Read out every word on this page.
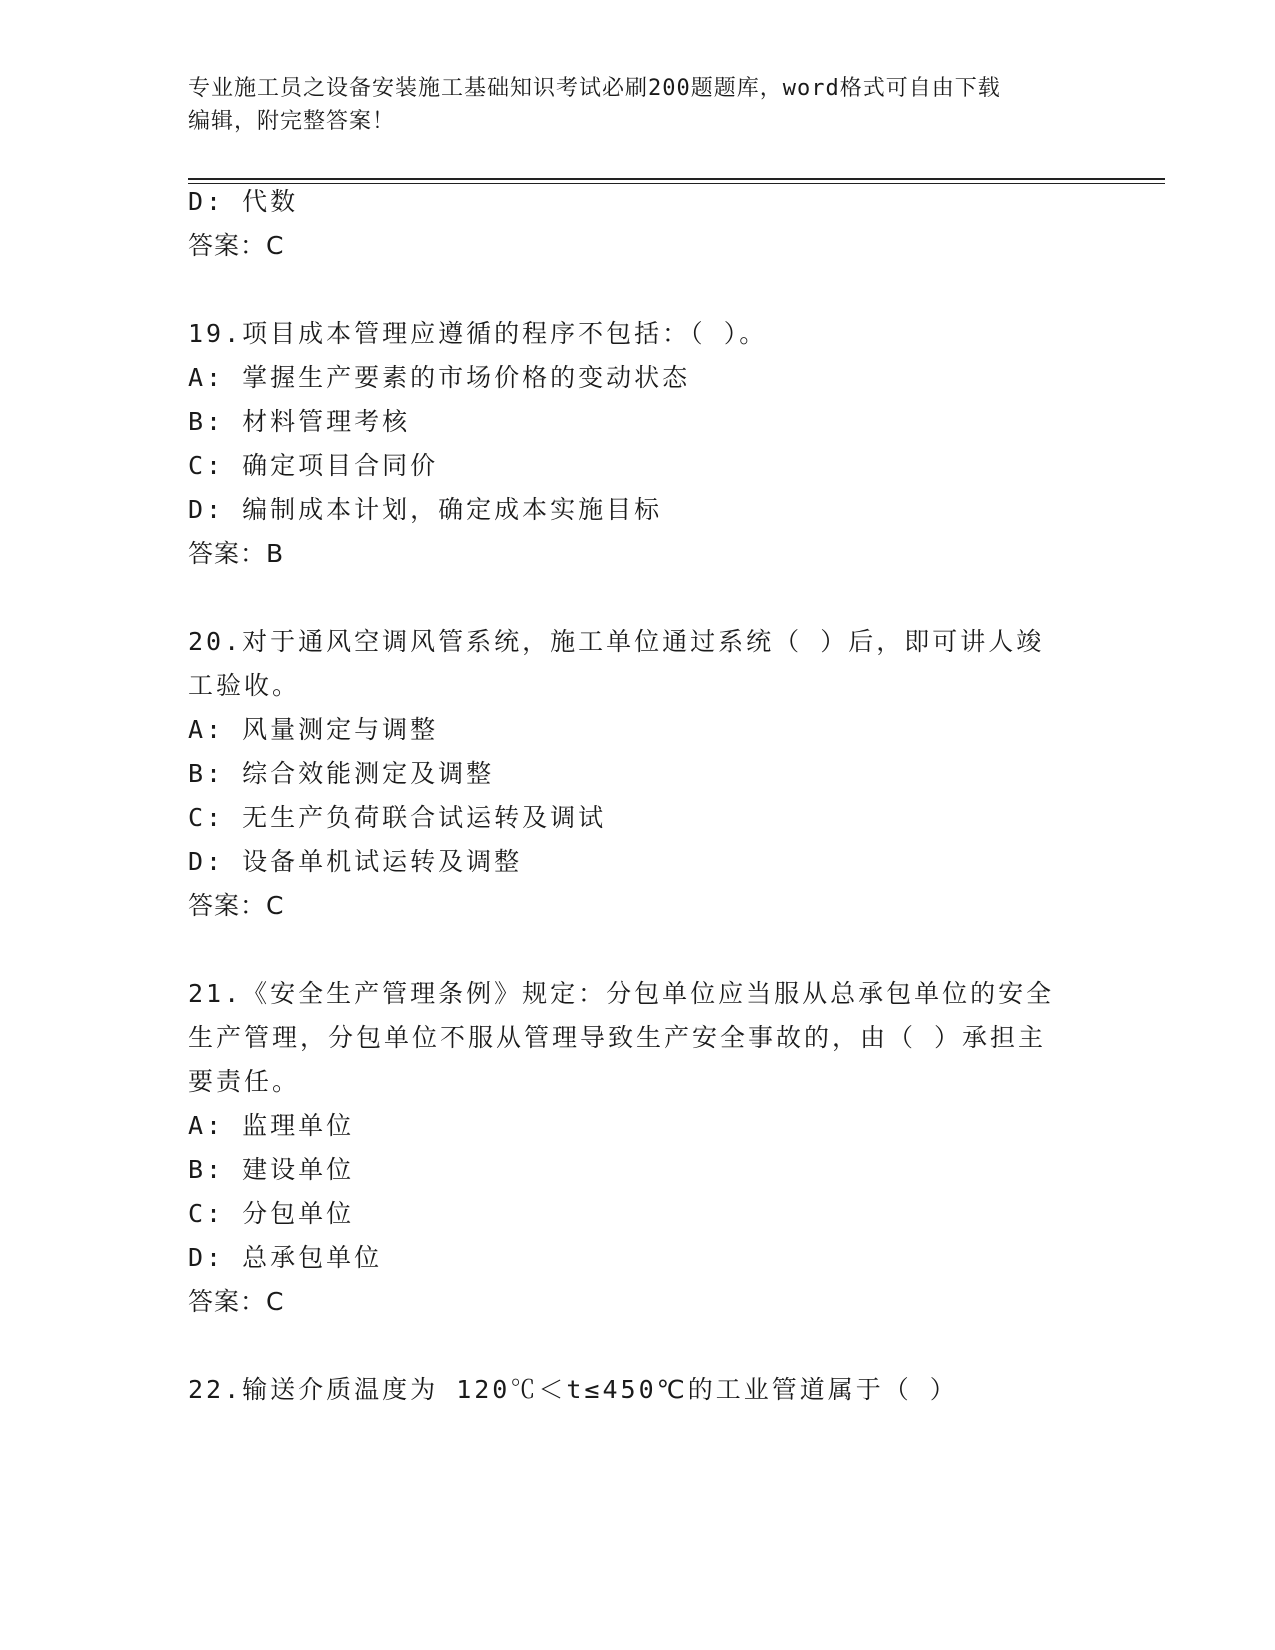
专业施工员之设备安装施工基础知识考试必刷200题题库，word格式可自由下载
编辑，附完整答案！
D: 代数
答案：C
19.项目成本管理应遵循的程序不包括：（ ）。
A: 掌握生产要素的市场价格的变动状态
B: 材料管理考核
C: 确定项目合同价
D: 编制成本计划，确定成本实施目标
答案：B
20.对于通风空调风管系统，施工单位通过系统（ ）后，即可讲人竣
工验收。
A: 风量测定与调整
B: 综合效能测定及调整
C: 无生产负荷联合试运转及调试
D: 设备单机试运转及调整
答案：C
21.《安全生产管理条例》规定：分包单位应当服从总承包单位的安全
生产管理，分包单位不服从管理导致生产安全事故的，由（ ）承担主
要责任。
A: 监理单位
B: 建设单位
C: 分包单位
D: 总承包单位
答案：C
22.输送介质温度为 120℃＜t≤450℃的工业管道属于（ ）
